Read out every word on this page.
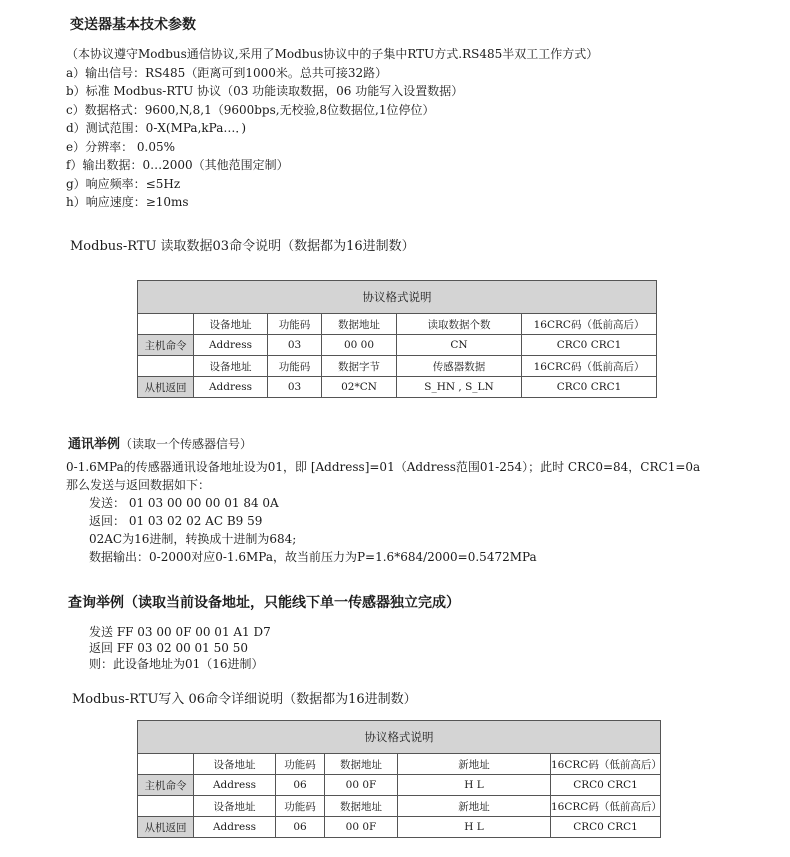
变送器基本技术参数
（本协议遵守Modbus通信协议,采用了Modbus协议中的子集中RTU方式.RS485半双工工作方式）
a）输出信号：RS485（距离可到1000米。总共可接32路）
b）标准 Modbus-RTU 协议（03 功能读取数据，06 功能写入设置数据）
c）数据格式：9600,N,8,1（9600bps,无校验,8位数据位,1位停位）
d）测试范围：0-X(MPa,kPa…．)
e）分辨率： 0.05%
f）输出数据：0…2000（其他范围定制）
g）响应频率：≤5Hz
h）响应速度：≥10ms
Modbus-RTU 读取数据03命令说明（数据都为16进制数）
协议格式说明					
	设备地址	功能码	数据地址	读取数据个数	16CRC码（低前高后）
主机命令	Address	03	00 00	CN	CRC0 CRC1
	设备地址	功能码	数据字节	传感器数据	16CRC码（低前高后）
从机返回	Address	03	02*CN	S_HN , S_LN	CRC0 CRC1
通讯举例（读取一个传感器信号）
0-1.6MPa的传感器通讯设备地址设为01，即 [Address]=01（Address范围01-254）；此时 CRC0=84，CRC1=0a
那么发送与返回数据如下：
发送： 01 03 00 00 00 01 84 0A
返回： 01 03 02 02 AC B9 59
02AC为16进制，转换成十进制为684;
数据输出：0-2000对应0-1.6MPa，故当前压力为P=1.6*684/2000=0.5472MPa
查询举例（读取当前设备地址，只能线下单一传感器独立完成）
发送 FF 03 00 0F 00 01 A1 D7
返回 FF 03 02 00 01 50 50
则：此设备地址为01（16进制）
Modbus-RTU写入 06命令详细说明（数据都为16进制数）
协议格式说明					
	设备地址	功能码	数据地址	新地址	16CRC码（低前高后）
主机命令	Address	06	00 0F	H L	CRC0 CRC1
	设备地址	功能码	数据地址	新地址	16CRC码（低前高后）
从机返回	Address	06	00 0F	H L	CRC0 CRC1
